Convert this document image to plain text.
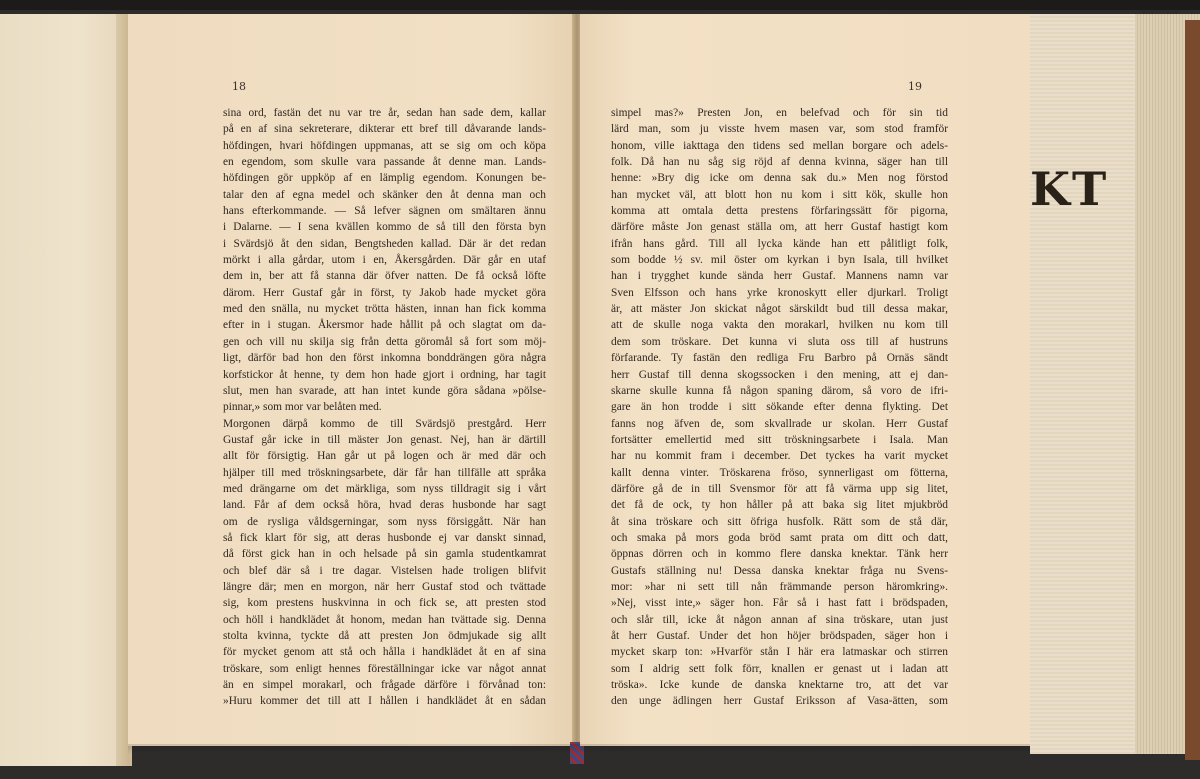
KT
18
sina ord, fastän det nu var tre år, sedan han sade dem, kallar
på en af sina sekreterare, dikterar ett bref till dåvarande lands-
höfdingen, hvari höfdingen uppmanas, att se sig om och köpa
en egendom, som skulle vara passande åt denne man. Lands-
höfdingen gör uppköp af en lämplig egendom. Konungen be-
talar den af egna medel och skänker den åt denna man och
hans efterkommande. — Så lefver sägnen om smältaren ännu
i Dalarne. — I sena kvällen kommo de så till den första byn
i Svärdsjö åt den sidan, Bengtsheden kallad. Där är det redan
mörkt i alla gårdar, utom i en, Åkersgården. Där går en utaf
dem in, ber att få stanna där öfver natten. De få också löfte
därom. Herr Gustaf går in först, ty Jakob hade mycket göra
med den snälla, nu mycket trötta hästen, innan han fick komma
efter in i stugan. Åkersmor hade hållit på och slagtat om da-
gen och vill nu skilja sig från detta göromål så fort som möj-
ligt, därför bad hon den först inkomna bonddrängen göra några
korfstickor åt henne, ty dem hon hade gjort i ordning, har tagit
slut, men han svarade, att han intet kunde göra sådana »pölse-
pinnar,» som mor var belåten med.
Morgonen därpå kommo de till Svärdsjö prestgård. Herr
Gustaf går icke in till mäster Jon genast. Nej, han är därtill
allt för försigtig. Han går ut på logen och är med där och
hjälper till med tröskningsarbete, där får han tillfälle att språka
med drängarne om det märkliga, som nyss tilldragit sig i vårt
land. Får af dem också höra, hvad deras husbonde har sagt
om de rysliga våldsgerningar, som nyss försiggått. När han
så fick klart för sig, att deras husbonde ej var danskt sinnad,
då först gick han in och helsade på sin gamla studentkamrat
och blef där så i tre dagar. Vistelsen hade troligen blifvit
längre där; men en morgon, när herr Gustaf stod och tvättade
sig, kom prestens huskvinna in och fick se, att presten stod
och höll i handklädet åt honom, medan han tvättade sig. Denna
stolta kvinna, tyckte då att presten Jon ödmjukade sig allt
för mycket genom att stå och hålla i handklädet åt en af sina
tröskare, som enligt hennes föreställningar icke var något annat
än en simpel morakarl, och frågade därföre i förvånad ton:
»Huru kommer det till att I hållen i handklädet åt en sådan
19
simpel mas?» Presten Jon, en belefvad och för sin tid
lärd man, som ju visste hvem masen var, som stod framför
honom, ville iakttaga den tidens sed mellan borgare och adels-
folk. Då han nu såg sig röjd af denna kvinna, säger han till
henne: »Bry dig icke om denna sak du.» Men nog förstod
han mycket väl, att blott hon nu kom i sitt kök, skulle hon
komma att omtala detta prestens förfaringssätt för pigorna,
därföre måste Jon genast ställa om, att herr Gustaf hastigt kom
ifrån hans gård. Till all lycka kände han ett pålitligt folk,
som bodde ½ sv. mil öster om kyrkan i byn Isala, till hvilket
han i trygghet kunde sända herr Gustaf. Mannens namn var
Sven Elfsson och hans yrke kronoskytt eller djurkarl. Troligt
är, att mäster Jon skickat något särskildt bud till dessa makar,
att de skulle noga vakta den morakarl, hvilken nu kom till
dem som tröskare. Det kunna vi sluta oss till af hustruns
förfarande. Ty fastän den redliga Fru Barbro på Ornäs sändt
herr Gustaf till denna skogssocken i den mening, att ej dan-
skarne skulle kunna få någon spaning därom, så voro de ifri-
gare än hon trodde i sitt sökande efter denna flykting. Det
fanns nog äfven de, som skvallrade ur skolan. Herr Gustaf
fortsätter emellertid med sitt tröskningsarbete i Isala. Man
har nu kommit fram i december. Det tyckes ha varit mycket
kallt denna vinter. Tröskarena fröso, synnerligast om fötterna,
därföre gå de in till Svensmor för att få värma upp sig litet,
det få de ock, ty hon håller på att baka sig litet mjukbröd
åt sina tröskare och sitt öfriga husfolk. Rätt som de stå där,
och smaka på mors goda bröd samt prata om ditt och datt,
öppnas dörren och in kommo flere danska knektar. Tänk herr
Gustafs ställning nu! Dessa danska knektar fråga nu Svens-
mor: »har ni sett till nån främmande person häromkring».
»Nej, visst inte,» säger hon. Får så i hast fatt i brödspaden,
och slår till, icke åt någon annan af sina tröskare, utan just
åt herr Gustaf. Under det hon höjer brödspaden, säger hon i
mycket skarp ton: »Hvarför stån I här era latmaskar och stirren
som I aldrig sett folk förr, knallen er genast ut i ladan att
tröska». Icke kunde de danska knektarne tro, att det var
den unge ädlingen herr Gustaf Eriksson af Vasa-ätten, som
